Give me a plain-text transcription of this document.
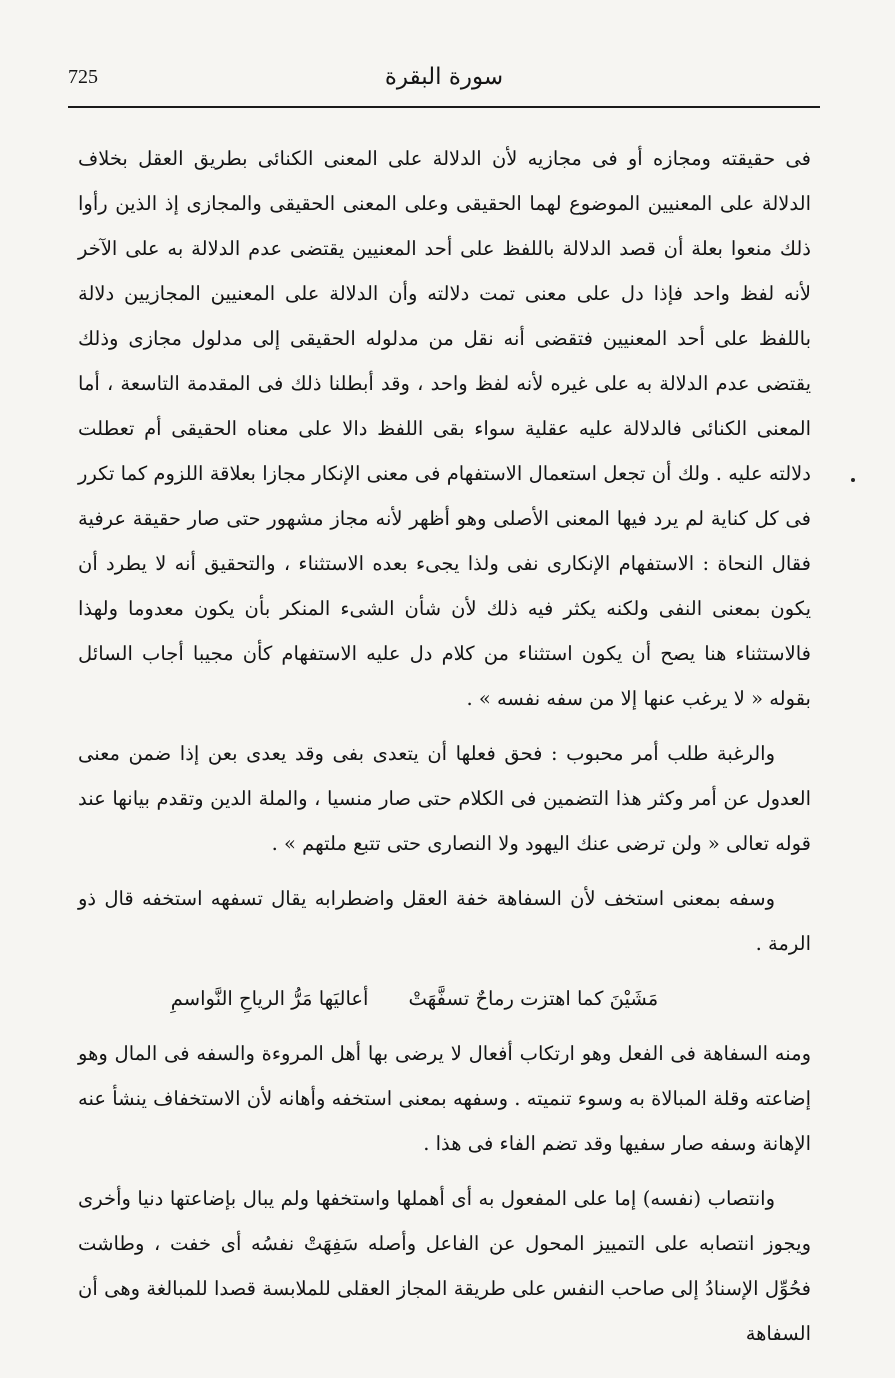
725	سورة البقرة

فى حقيقته ومجازه أو فى مجازيه لأن الدلالة على المعنى الكنائى بطريق العقل بخلاف الدلالة على المعنيين الموضوع لهما الحقيقى وعلى المعنى الحقيقى والمجازى إذ الذين رأوا ذلك منعوا بعلة أن قصد الدلالة باللفظ على أحد المعنيين يقتضى عدم الدلالة به على الآخر لأنه لفظ واحد فإذا دل على معنى تمت دلالته وأن الدلالة على المعنيين المجازيين دلالة باللفظ على أحد المعنيين فتقضى أنه نقل من مدلوله الحقيقى إلى مدلول مجازى وذلك يقتضى عدم الدلالة به على غيره لأنه لفظ واحد ، وقد أبطلنا ذلك فى المقدمة التاسعة ، أما المعنى الكنائى فالدلالة عليه عقلية سواء بقى اللفظ دالا على معناه الحقيقى أم تعطلت دلالته عليه . ولك أن تجعل استعمال الاستفهام فى معنى الإنكار مجازا بعلاقة اللزوم كما تكرر فى كل كناية لم يرد فيها المعنى الأصلى وهو أظهر لأنه مجاز مشهور حتى صار حقيقة عرفية فقال النحاة : الاستفهام الإنكارى نفى ولذا يجىء بعده الاستثناء ، والتحقيق أنه لا يطرد أن يكون بمعنى النفى ولكنه يكثر فيه ذلك لأن شأن الشىء المنكر بأن يكون معدوما ولهذا فالاستثناء هنا يصح أن يكون استثناء من كلام دل عليه الاستفهام كأن مجيبا أجاب السائل بقوله « لا يرغب عنها إلا من سفه نفسه » .

والرغبة طلب أمر محبوب : فحق فعلها أن يتعدى بفى وقد يعدى بعن إذا ضمن معنى العدول عن أمر وكثر هذا التضمين فى الكلام حتى صار منسيا ، والملة الدين وتقدم بيانها عند قوله تعالى « ولن ترضى عنك اليهود ولا النصارى حتى تتبع ملتهم » .

وسفه بمعنى استخف لأن السفاهة خفة العقل واضطرابه يقال تسفهه استخفه قال ذو الرمة .

مَشَيْنَ كما اهتزت رماحٌ تسفَّهَتْ
أعاليَها مَرُّ الرياحِ النَّواسمِ

ومنه السفاهة فى الفعل وهو ارتكاب أفعال لا يرضى بها أهل المروءة والسفه فى المال وهو إضاعته وقلة المبالاة به وسوء تنميته . وسفهه بمعنى استخفه وأهانه لأن الاستخفاف ينشأ عنه الإهانة وسفه صار سفيها وقد تضم الفاء فى هذا .

وانتصاب (نفسه) إما على المفعول به أى أهملها واستخفها ولم يبال بإضاعتها دنيا وأخرى ويجوز انتصابه على التمييز المحول عن الفاعل وأصله سَفِهَتْ نفسُه أى خفت ، وطاشت فحُوِّل الإسنادُ إلى صاحب النفس على طريقة المجاز العقلى للملابسة قصدا للمبالغة وهى أن السفاهة
